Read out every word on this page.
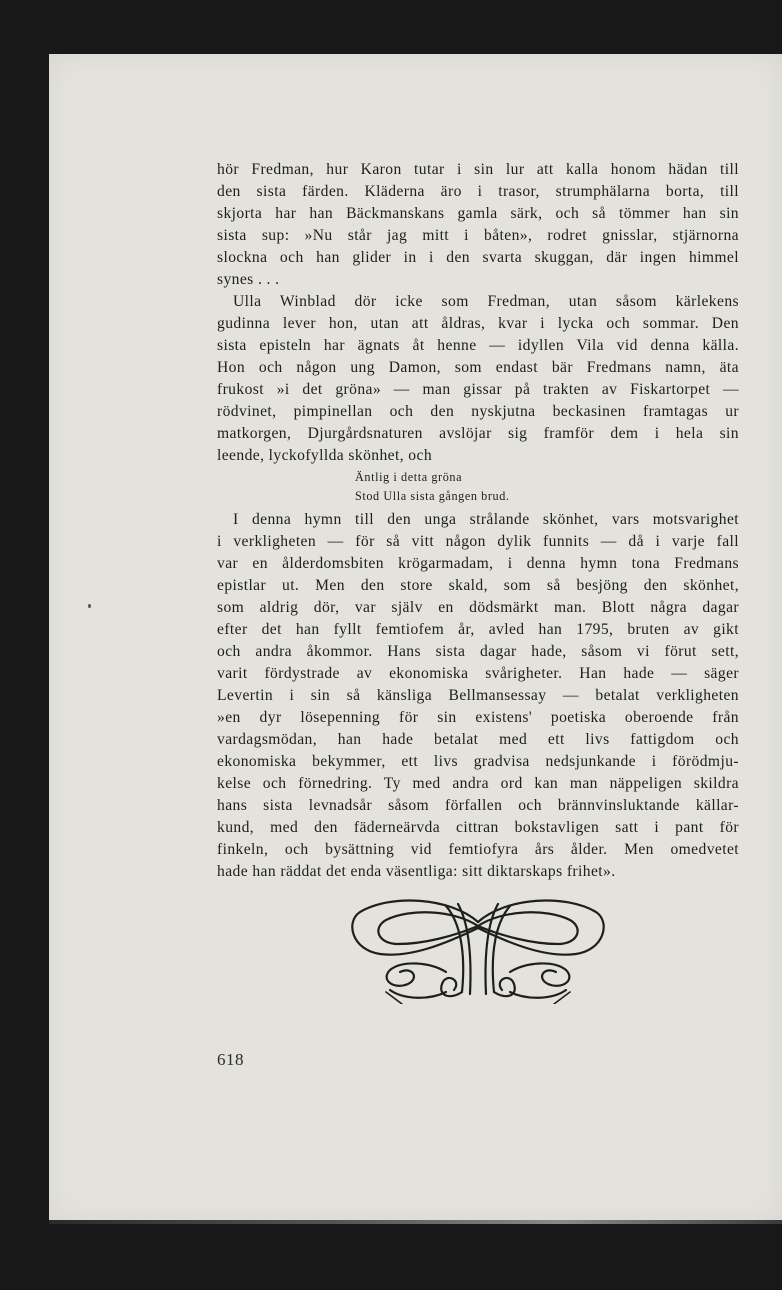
hör Fredman, hur Karon tutar i sin lur att kalla honom hädan till
den sista färden. Kläderna äro i trasor, strumphälarna borta, till
skjorta har han Bäckmanskans gamla särk, och så tömmer han sin
sista sup: »Nu står jag mitt i båten», rodret gnisslar, stjärnorna
slockna och han glider in i den svarta skuggan, där ingen himmel
synes . . .
Ulla Winblad dör icke som Fredman, utan såsom kärlekens
gudinna lever hon, utan att åldras, kvar i lycka och sommar. Den
sista episteln har ägnats åt henne — idyllen Vila vid denna källa.
Hon och någon ung Damon, som endast bär Fredmans namn, äta
frukost »i det gröna» — man gissar på trakten av Fiskartorpet —
rödvinet, pimpinellan och den nyskjutna beckasinen framtagas ur
matkorgen, Djurgårdsnaturen avslöjar sig framför dem i hela sin
leende, lyckofyllda skönhet, och
Äntlig i detta gröna
Stod Ulla sista gången brud.
I denna hymn till den unga strålande skönhet, vars motsvarighet
i verkligheten — för så vitt någon dylik funnits — då i varje fall
var en ålderdomsbiten krögarmadam, i denna hymn tona Fredmans
epistlar ut. Men den store skald, som så besjöng den skönhet,
som aldrig dör, var själv en dödsmärkt man. Blott några dagar
efter det han fyllt femtiofem år, avled han 1795, bruten av gikt
och andra åkommor. Hans sista dagar hade, såsom vi förut sett,
varit fördystrade av ekonomiska svårigheter. Han hade — säger
Levertin i sin så känsliga Bellmansessay — betalat verkligheten
»en dyr lösepenning för sin existens' poetiska oberoende från
vardagsmödan, han hade betalat med ett livs fattigdom och
ekonomiska bekymmer, ett livs gradvisa nedsjunkande i förödmju-
kelse och förnedring. Ty med andra ord kan man näppeligen skildra
hans sista levnadsår såsom förfallen och brännvinsluktande källar-
kund, med den fäderneärvda cittran bokstavligen satt i pant för
finkeln, och bysättning vid femtiofyra års ålder. Men omedvetet
hade han räddat det enda väsentliga: sitt diktarskaps frihet».
618
